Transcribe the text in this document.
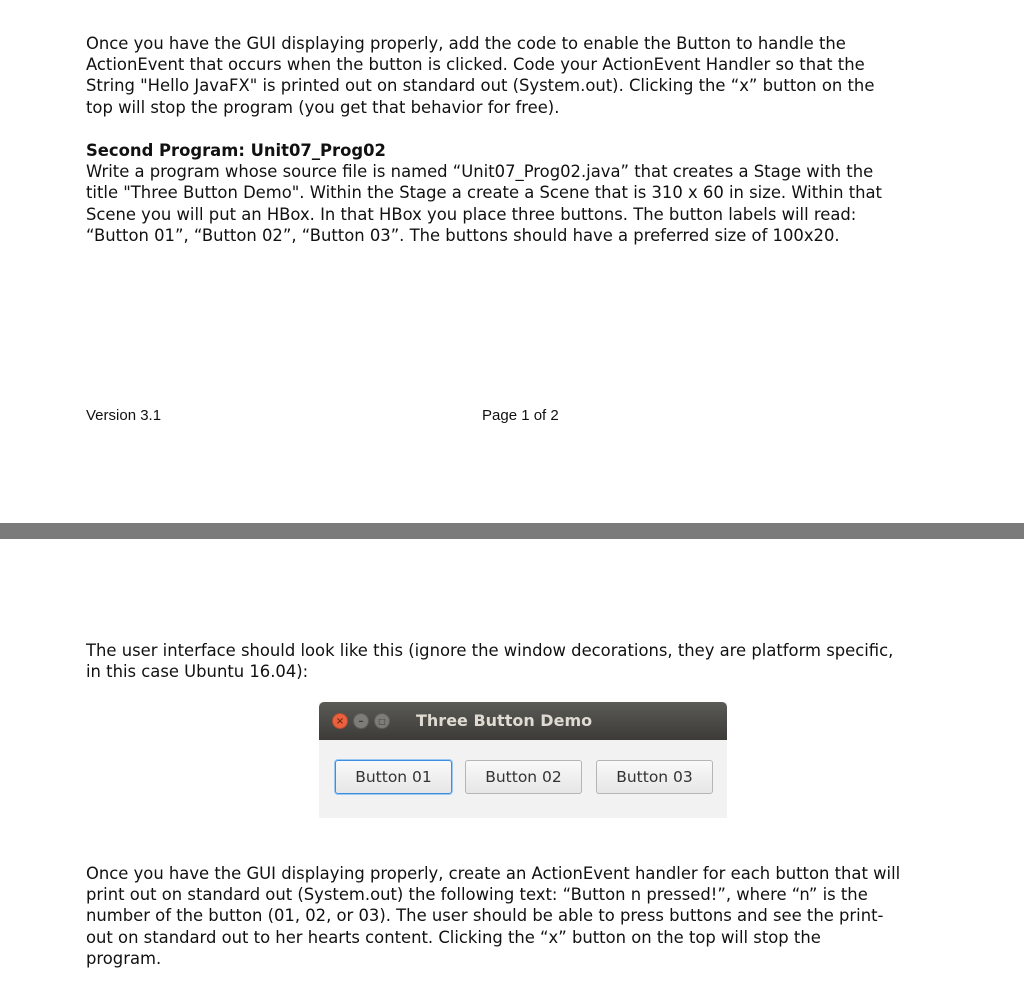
Once you have the GUI displaying properly, add the code to enable the Button to handle the
ActionEvent that occurs when the button is clicked. Code your ActionEvent Handler so that the
String "Hello JavaFX" is printed out on standard out (System.out). Clicking the “x” button on the
top will stop the program (you get that behavior for free).
Second Program: Unit07_Prog02
Write a program whose source file is named “Unit07_Prog02.java” that creates a Stage with the
title "Three Button Demo". Within the Stage a create a Scene that is 310 x 60 in size. Within that
Scene you will put an HBox. In that HBox you place three buttons. The button labels will read:
“Button 01”, “Button 02”, “Button 03”. The buttons should have a preferred size of 100x20.
Version 3.1	Page 1 of 2
The user interface should look like this (ignore the window decorations, they are platform specific,
in this case Ubuntu 16.04):
×	–	□ Three Button Demo
Button 01	Button 02	Button 03
Once you have the GUI displaying properly, create an ActionEvent handler for each button that will
print out on standard out (System.out) the following text: “Button n pressed!”, where “n” is the
number of the button (01, 02, or 03). The user should be able to press buttons and see the print-
out on standard out to her hearts content. Clicking the “x” button on the top will stop the
program.
